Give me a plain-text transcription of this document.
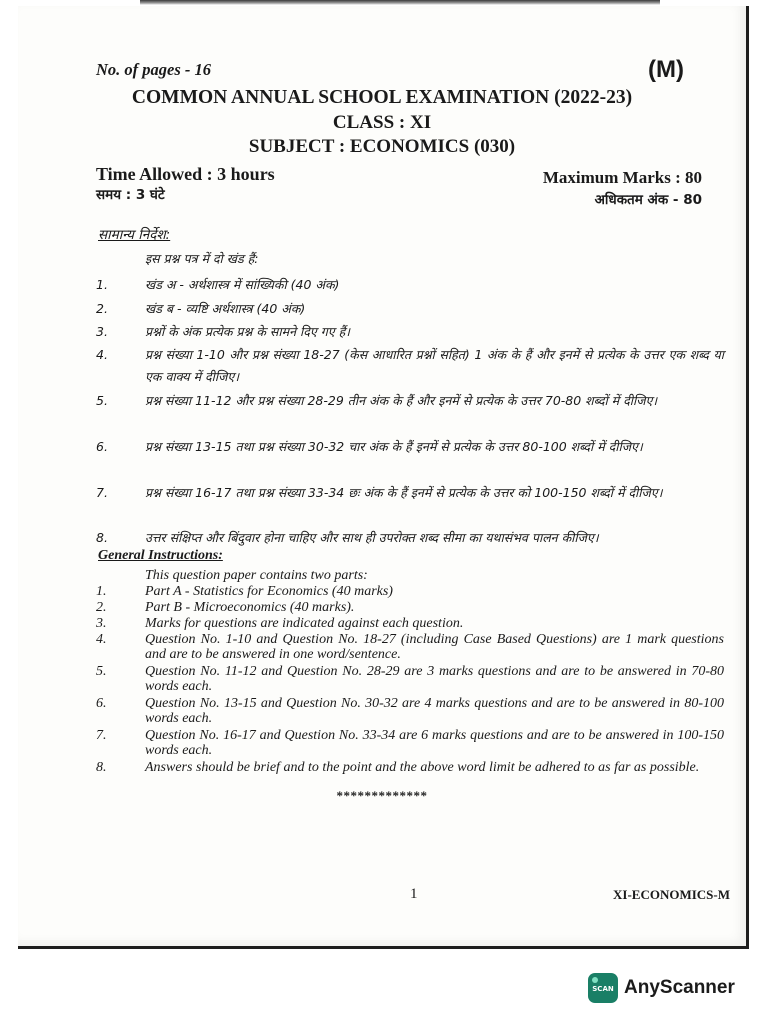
No. of pages - 16	(M)
COMMON ANNUAL SCHOOL EXAMINATION (2022-23)
CLASS : XI
SUBJECT : ECONOMICS (030)
Time Allowed : 3 hours
समय : 3 घंटे
Maximum Marks : 80
अधिकतम अंक - 80
सामान्य निर्देश:
इस प्रश्न पत्र में दो खंड हैं:
1.	खंड अ - अर्थशास्त्र में सांख्यिकी (40 अंक)
2.	खंड ब - व्यष्टि अर्थशास्त्र (40 अंक)
3.	प्रश्नों के अंक प्रत्येक प्रश्न के सामने दिए गए हैं।
4.	प्रश्न संख्या 1-10 और प्रश्न संख्या 18-27 (केस आधारित प्रश्नों सहित) 1 अंक के हैं और इनमें से प्रत्येक के उत्तर एक शब्द या एक वाक्य में दीजिए।
5.	प्रश्न संख्या 11-12 और प्रश्न संख्या 28-29 तीन अंक के हैं और इनमें से प्रत्येक के उत्तर 70-80 शब्दों में दीजिए।
6.	प्रश्न संख्या 13-15 तथा प्रश्न संख्या 30-32 चार अंक के हैं इनमें से प्रत्येक के उत्तर 80-100 शब्दों में दीजिए।
7.	प्रश्न संख्या 16-17 तथा प्रश्न संख्या 33-34 छः अंक के हैं इनमें से प्रत्येक के उत्तर को 100-150 शब्दों में दीजिए।
8.	उत्तर संक्षिप्त और बिंदुवार होना चाहिए और साथ ही उपरोक्त शब्द सीमा का यथासंभव पालन कीजिए।
General Instructions:
This question paper contains two parts:
1.	Part A - Statistics for Economics (40 marks)
2.	Part B - Microeconomics (40 marks).
3.	Marks for questions are indicated against each question.
4.	Question No. 1-10 and Question No. 18-27 (including Case Based Questions) are 1 mark questions and are to be answered in one word/sentence.
5.	Question No. 11-12 and Question No. 28-29 are 3 marks questions and are to be answered in 70-80 words each.
6.	Question No. 13-15 and Question No. 30-32 are 4 marks questions and are to be answered in 80-100 words each.
7.	Question No. 16-17 and Question No. 33-34 are 6 marks questions and are to be answered in 100-150 words each.
8.	Answers should be brief and to the point and the above word limit be adhered to as far as possible.
*************
1	XI-ECONOMICS-M
SCAN AnyScanner
